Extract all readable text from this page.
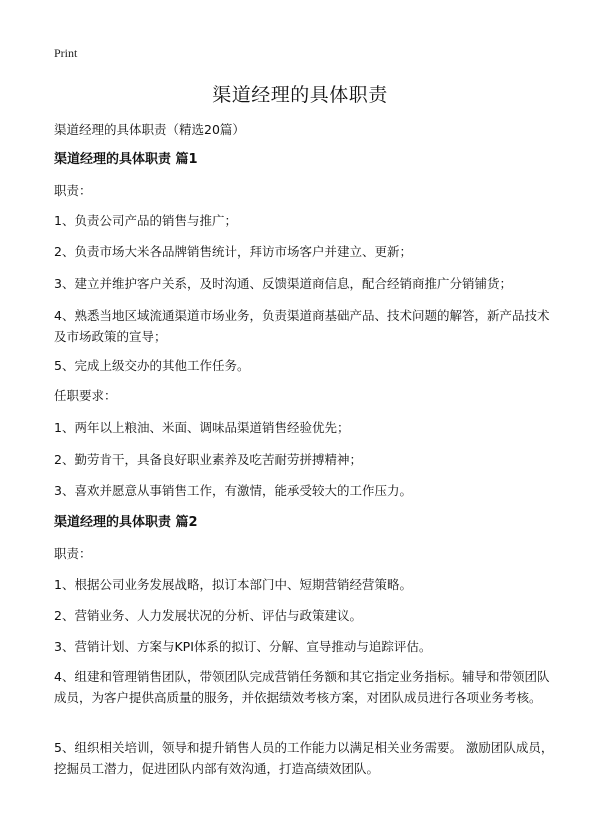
Print
渠道经理的具体职责

渠道经理的具体职责（精选20篇）

渠道经理的具体职责 篇1

职责：

1、负责公司产品的销售与推广；

2、负责市场大米各品牌销售统计，拜访市场客户并建立、更新；

3、建立并维护客户关系，及时沟通、反馈渠道商信息，配合经销商推广分销铺货；

4、熟悉当地区域流通渠道市场业务，负责渠道商基础产品、技术问题的解答，新产品技术及市场政策的宣导；

5、完成上级交办的其他工作任务。

任职要求：

1、两年以上粮油、米面、调味品渠道销售经验优先；

2、勤劳肯干，具备良好职业素养及吃苦耐劳拼搏精神；

3、喜欢并愿意从事销售工作，有激情，能承受较大的工作压力。

渠道经理的具体职责 篇2

职责：

1、根据公司业务发展战略，拟订本部门中、短期营销经营策略。

2、营销业务、人力发展状况的分析、评估与政策建议。

3、营销计划、方案与KPI体系的拟订、分解、宣导推动与追踪评估。

4、组建和管理销售团队，带领团队完成营销任务额和其它指定业务指标。辅导和带领团队成员，为客户提供高质量的服务，并依据绩效考核方案，对团队成员进行各项业务考核。

5、组织相关培训，领导和提升销售人员的工作能力以满足相关业务需要。 激励团队成员，挖掘员工潜力，促进团队内部有效沟通，打造高绩效团队。
